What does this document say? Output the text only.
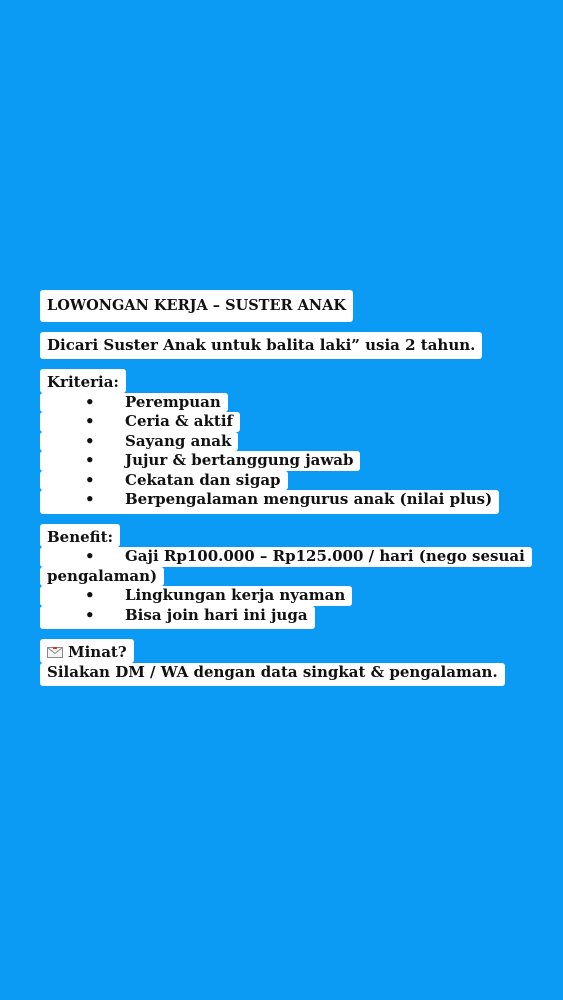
LOWONGAN KERJA – SUSTER ANAK
Dicari Suster Anak untuk balita laki” usia 2 tahun.
Kriteria:
• Perempuan
• Ceria & aktif
• Sayang anak
• Jujur & bertanggung jawab
• Cekatan dan sigap
• Berpengalaman mengurus anak (nilai plus)
Benefit:
• Gaji Rp100.000 – Rp125.000 / hari (nego sesuai
pengalaman)
• Lingkungan kerja nyaman
• Bisa join hari ini juga
Minat?
Silakan DM / WA dengan data singkat & pengalaman.
